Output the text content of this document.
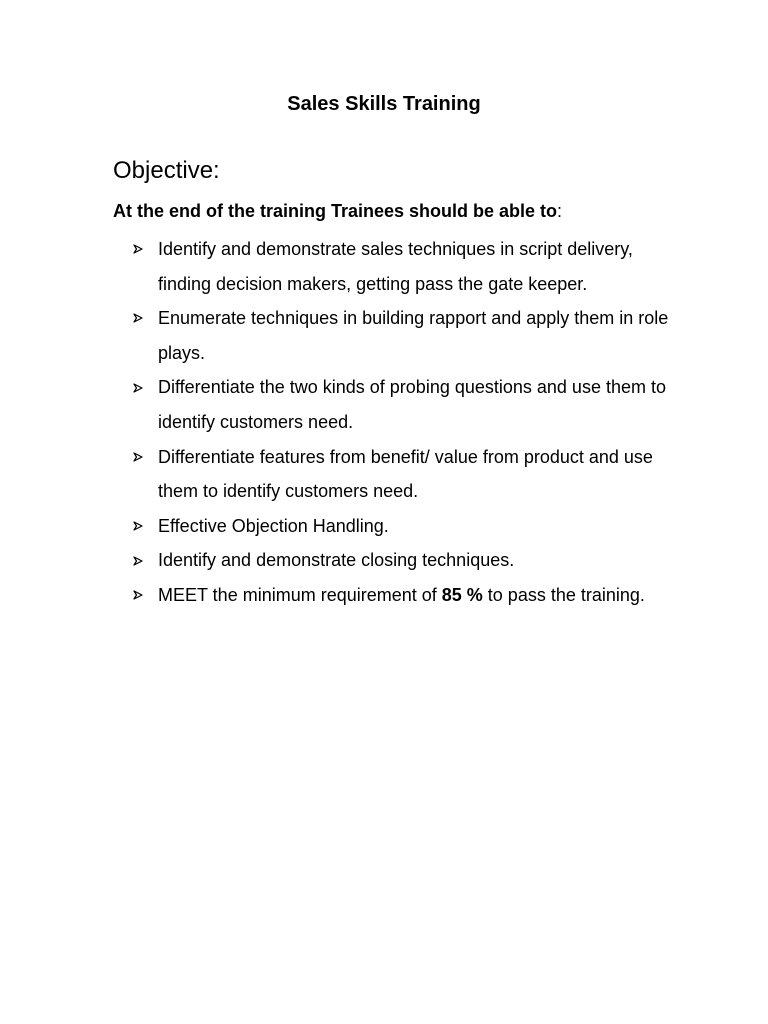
Sales Skills Training
Objective:
At the end of the training Trainees should be able to:
Identify and demonstrate sales techniques in script delivery, finding decision makers, getting pass the gate keeper.
Enumerate techniques in building rapport and apply them in role plays.
Differentiate the two kinds of probing questions and use them to identify customers need.
Differentiate features from benefit/ value from product and use them to identify customers need.
Effective Objection Handling.
Identify and demonstrate closing techniques.
MEET the minimum requirement of 85 % to pass the training.
